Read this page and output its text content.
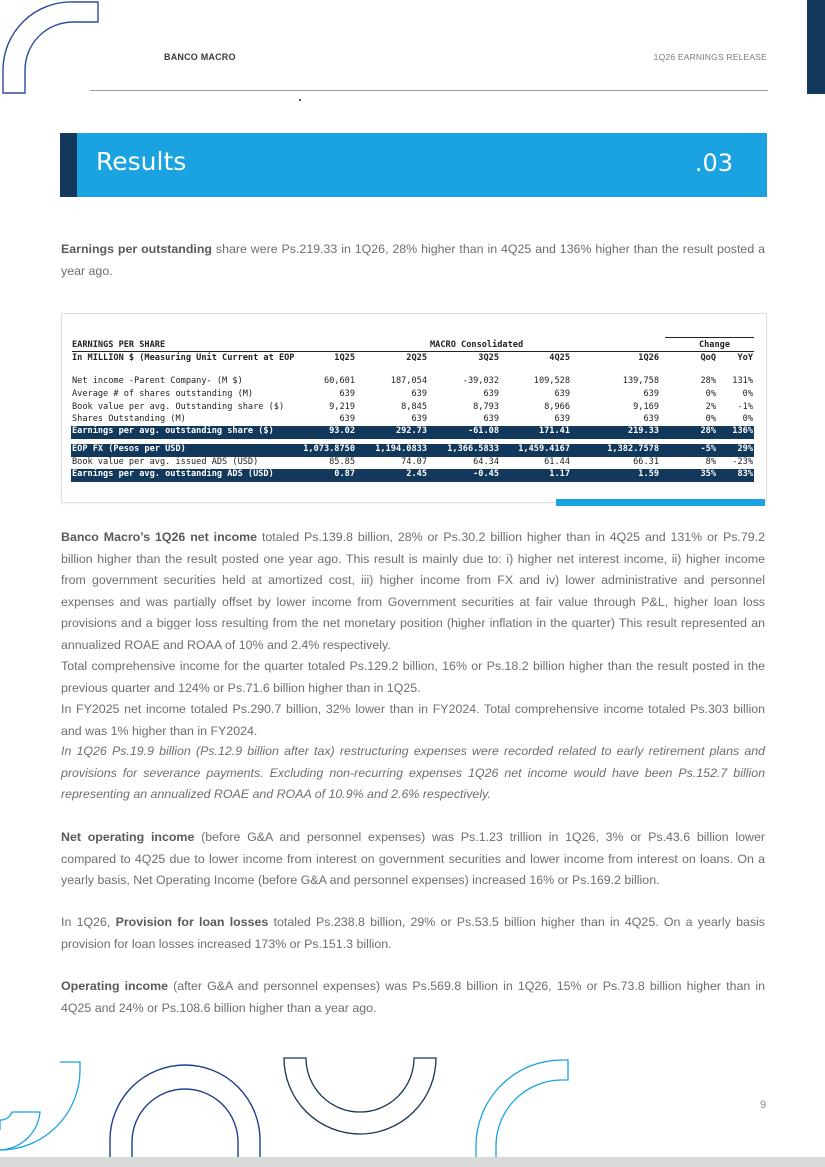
BANCO MACRO	1Q26 EARNINGS RELEASE
Results	.03
Earnings per outstanding share were Ps.219.33 in 1Q26, 28% higher than in 4Q25 and 136% higher than the result posted a year ago.
EARNINGS PER SHARE	MACRO Consolidated	Change
In MILLION $ (Measuring Unit Current at EOP	1Q25	2Q25	3Q25	4Q25	1Q26	QoQ	YoY
Net income -Parent Company- (M $)	60,601	187,054	-39,032	109,528	139,758	28%	131%
Average # of shares outstanding (M)	639	639	639	639	639	0%	0%
Book value per avg. Outstanding share ($)	9,219	8,845	8,793	8,966	9,169	2%	-1%
Shares Outstanding (M)	639	639	639	639	639	0%	0%
Earnings per avg. outstanding share ($)	93.02	292.73	-61.08	171.41	219.33	28%	136%
EOP FX (Pesos per USD)	1,073.8750	1,194.0833	1,366.5833	1,459.4167	1,382.7578	-5%	29%
Book value per avg. issued ADS (USD)	85.85	74.07	64.34	61.44	66.31	8%	-23%
Earnings per avg. outstanding ADS (USD)	0.87	2.45	-0.45	1.17	1.59	35%	83%
Banco Macro’s 1Q26 net income totaled Ps.139.8 billion, 28% or Ps.30.2 billion higher than in 4Q25 and 131% or Ps.79.2 billion higher than the result posted one year ago. This result is mainly due to: i) higher net interest income, ii) higher income from government securities held at amortized cost, iii) higher income from FX and iv) lower administrative and personnel expenses and was partially offset by lower income from Government securities at fair value through P&L, higher loan loss provisions and a bigger loss resulting from the net monetary position (higher inflation in the quarter) This result represented an annualized ROAE and ROAA of 10% and 2.4% respectively.
Total comprehensive income for the quarter totaled Ps.129.2 billion, 16% or Ps.18.2 billion higher than the result posted in the previous quarter and 124% or Ps.71.6 billion higher than in 1Q25.
In FY2025 net income totaled Ps.290.7 billion, 32% lower than in FY2024. Total comprehensive income totaled Ps.303 billion and was 1% higher than in FY2024.
In 1Q26 Ps.19.9 billion (Ps.12.9 billion after tax) restructuring expenses were recorded related to early retirement plans and provisions for severance payments. Excluding non-recurring expenses 1Q26 net income would have been Ps.152.7 billion representing an annualized ROAE and ROAA of 10.9% and 2.6% respectively.
Net operating income (before G&A and personnel expenses) was Ps.1.23 trillion in 1Q26, 3% or Ps.43.6 billion lower compared to 4Q25 due to lower income from interest on government securities and lower income from interest on loans. On a yearly basis, Net Operating Income (before G&A and personnel expenses) increased 16% or Ps.169.2 billion.
In 1Q26, Provision for loan losses totaled Ps.238.8 billion, 29% or Ps.53.5 billion higher than in 4Q25. On a yearly basis provision for loan losses increased 173% or Ps.151.3 billion.
Operating income (after G&A and personnel expenses) was Ps.569.8 billion in 1Q26, 15% or Ps.73.8 billion higher than in 4Q25 and 24% or Ps.108.6 billion higher than a year ago.
9
